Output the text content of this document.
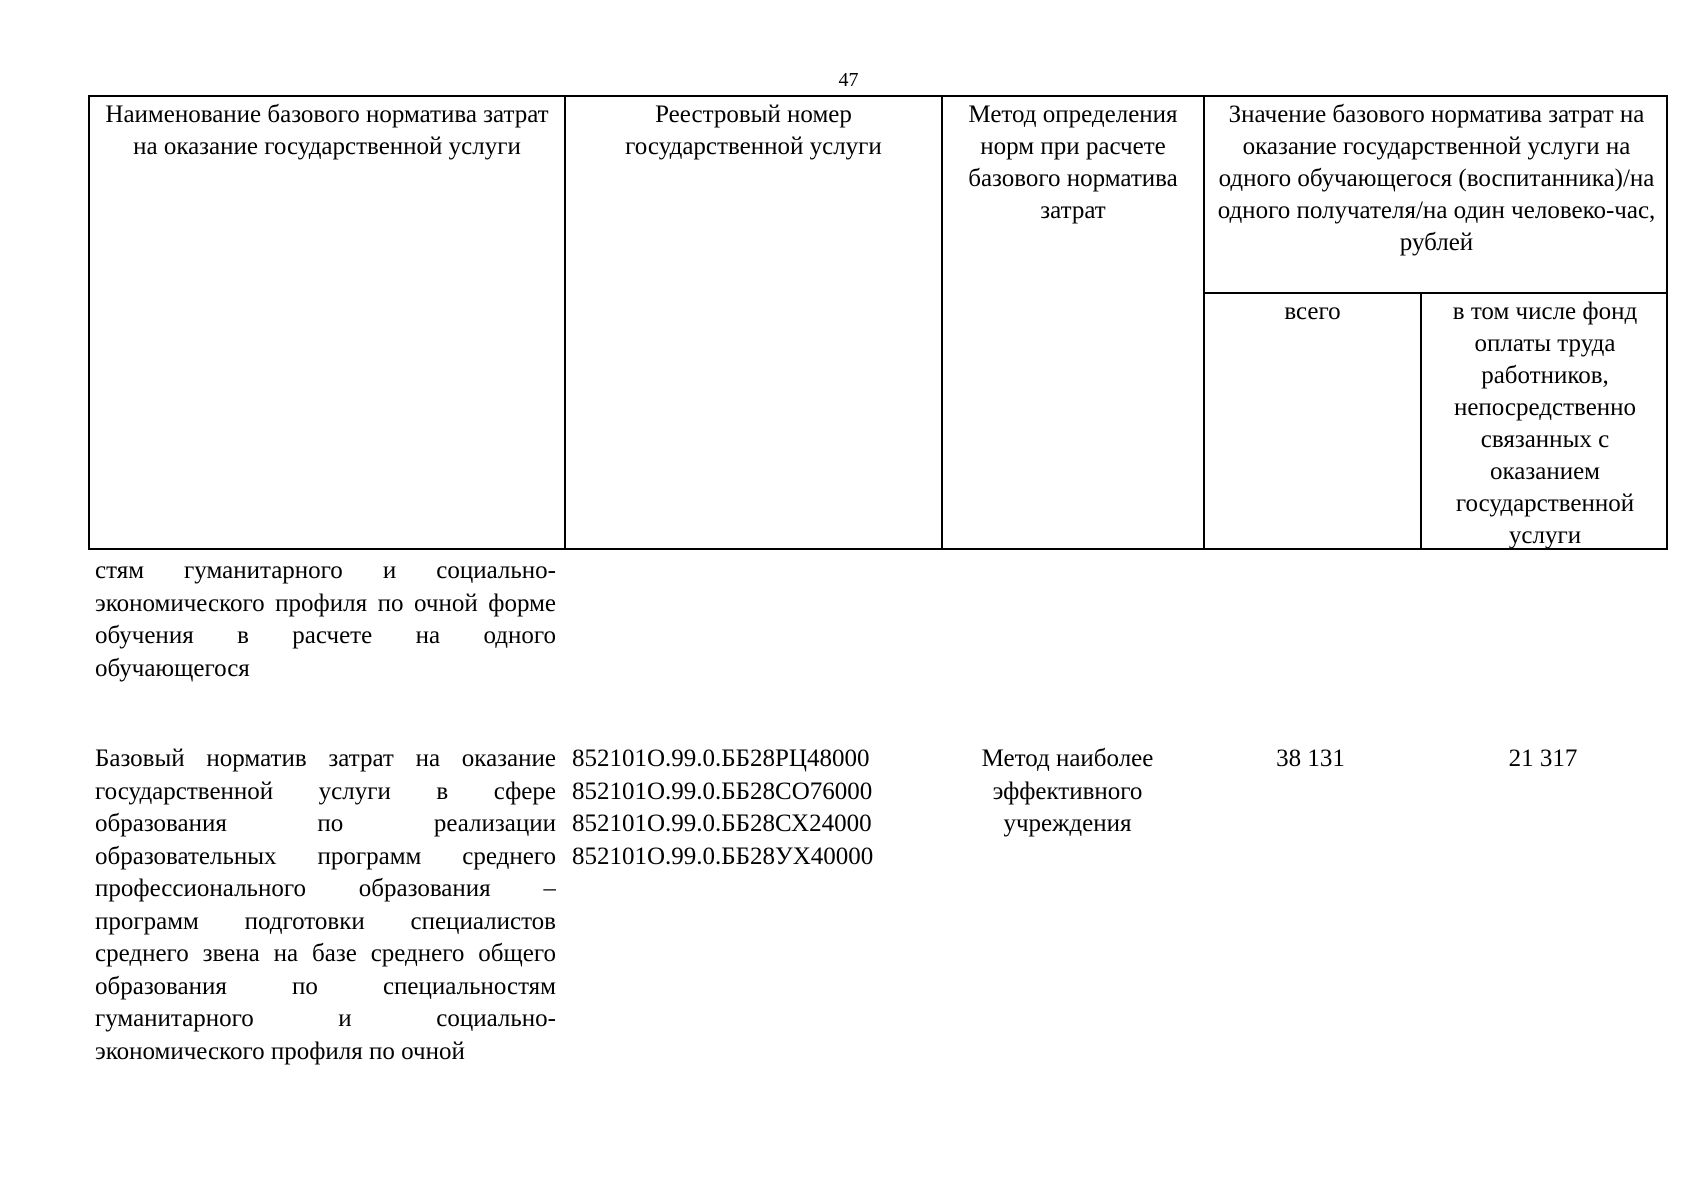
47
Наименование базового норматива затрат на оказание государственной услуги
Реестровый номер государственной услуги
Метод определения норм при расчете базового норматива затрат
Значение базового норматива затрат на оказание государственной услуги на одного обучающегося (воспитанника)/на одного получателя/на один человеко-час, рублей
всего	в том числе фонд оплаты труда работников, непосредственно связанных с оказанием государственной услуги
стям гуманитарного и социально-экономического профиля по очной форме обучения в расчете на одного обучающегося
Базовый норматив затрат на оказание государственной услуги в сфере образования по реализации образовательных программ среднего профессионального образования – программ подготовки специалистов среднего звена на базе среднего общего образования по специальностям гуманитарного и социально-экономического профиля по очной
852101О.99.0.ББ28РЦ48000
852101О.99.0.ББ28СО76000
852101О.99.0.ББ28СХ24000
852101О.99.0.ББ28УХ40000
Метод наиболее эффективного учреждения
38 131	21 317
